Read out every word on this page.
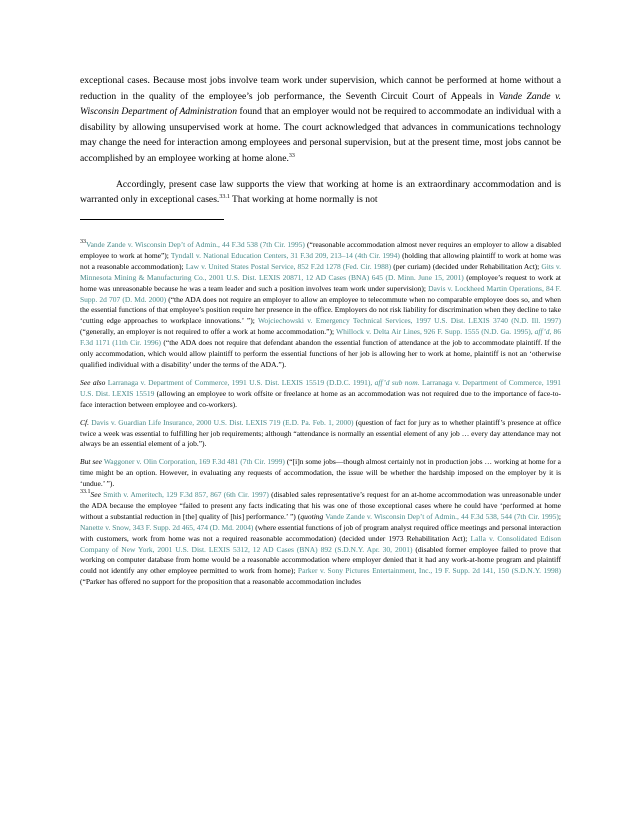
exceptional cases. Because most jobs involve team work under supervision, which cannot be performed at home without a reduction in the quality of the employee’s job performance, the Seventh Circuit Court of Appeals in Vande Zande v. Wisconsin Department of Administration found that an employer would not be required to accommodate an individual with a disability by allowing unsupervised work at home. The court acknowledged that advances in communications technology may change the need for interaction among employees and personal supervision, but at the present time, most jobs cannot be accomplished by an employee working at home alone.$^{33}$

Accordingly, present case law supports the view that working at home is an extraordinary accommodation and is warranted only in exceptional cases.$^{33.1}$ That working at home normally is not

$^{33}$Vande Zande v. Wisconsin Dep’t of Admin., 44 F.3d 538 (7th Cir. 1995) (“reasonable accommodation almost never requires an employer to allow a disabled employee to work at home”); Tyndall v. National Education Centers, 31 F.3d 209, 213–14 (4th Cir. 1994) (holding that allowing plaintiff to work at home was not a reasonable accommodation); Law v. United States Postal Service, 852 F.2d 1278 (Fed. Cir. 1988) (per curiam) (decided under Rehabilitation Act); Gits v. Minnesota Mining & Manufacturing Co., 2001 U.S. Dist. LEXIS 20871, 12 AD Cases (BNA) 645 (D. Minn. June 15, 2001) (employee’s request to work at home was unreasonable because he was a team leader and such a position involves team work under supervision); Davis v. Lockheed Martin Operations, 84 F. Supp. 2d 707 (D. Md. 2000) (“the ADA does not require an employer to allow an employee to telecommute when no comparable employee does so, and when the essential functions of that employee’s position require her presence in the office. Employers do not risk liability for discrimination when they decline to take ‘cutting edge approaches to workplace innovations.’ ”); Wojciechowski v. Emergency Technical Services, 1997 U.S. Dist. LEXIS 3740 (N.D. Ill. 1997) (“generally, an employer is not required to offer a work at home accommodation.”); Whillock v. Delta Air Lines, 926 F. Supp. 1555 (N.D. Ga. 1995), aff’d, 86 F.3d 1171 (11th Cir. 1996) (“the ADA does not require that defendant abandon the essential function of attendance at the job to accommodate plaintiff. If the only accommodation, which would allow plaintiff to perform the essential functions of her job is allowing her to work at home, plaintiff is not an ‘otherwise qualified individual with a disability’ under the terms of the ADA.”).

See also Larranaga v. Department of Commerce, 1991 U.S. Dist. LEXIS 15519 (D.D.C. 1991), aff’d sub nom. Larranaga v. Department of Commerce, 1991 U.S. Dist. LEXIS 15519 (allowing an employee to work offsite or freelance at home as an accommodation was not required due to the importance of face-to-face interaction between employee and co-workers).

Cf. Davis v. Guardian Life Insurance, 2000 U.S. Dist. LEXIS 719 (E.D. Pa. Feb. 1, 2000) (question of fact for jury as to whether plaintiff’s presence at office twice a week was essential to fulfilling her job requirements; although “attendance is normally an essential element of any job … every day attendance may not always be an essential element of a job.”).

But see Waggoner v. Olin Corporation, 169 F.3d 481 (7th Cir. 1999) (“[i]n some jobs—though almost certainly not in production jobs … working at home for a time might be an option. However, in evaluating any requests of accommodation, the issue will be whether the hardship imposed on the employer by it is ‘undue.’ ”).

$^{33.1}$See Smith v. Ameritech, 129 F.3d 857, 867 (6th Cir. 1997) (disabled sales representative’s request for an at-home accommodation was unreasonable under the ADA because the employee “failed to present any facts indicating that his was one of those exceptional cases where he could have ‘performed at home without a substantial reduction in [the] quality of [his] performance.’ ”) (quoting Vande Zande v. Wisconsin Dep’t of Admin., 44 F.3d 538, 544 (7th Cir. 1995); Nanette v. Snow, 343 F. Supp. 2d 465, 474 (D. Md. 2004) (where essential functions of job of program analyst required office meetings and personal interaction with customers, work from home was not a required reasonable accommodation) (decided under 1973 Rehabilitation Act); Lalla v. Consolidated Edison Company of New York, 2001 U.S. Dist. LEXIS 5312, 12 AD Cases (BNA) 892 (S.D.N.Y. Apr. 30, 2001) (disabled former employee failed to prove that working on computer database from home would be a reasonable accommodation where employer denied that it had any work-at-home program and plaintiff could not identify any other employee permitted to work from home); Parker v. Sony Pictures Entertainment, Inc., 19 F. Supp. 2d 141, 150 (S.D.N.Y. 1998) (“Parker has offered no support for the proposition that a reasonable accommodation includes
